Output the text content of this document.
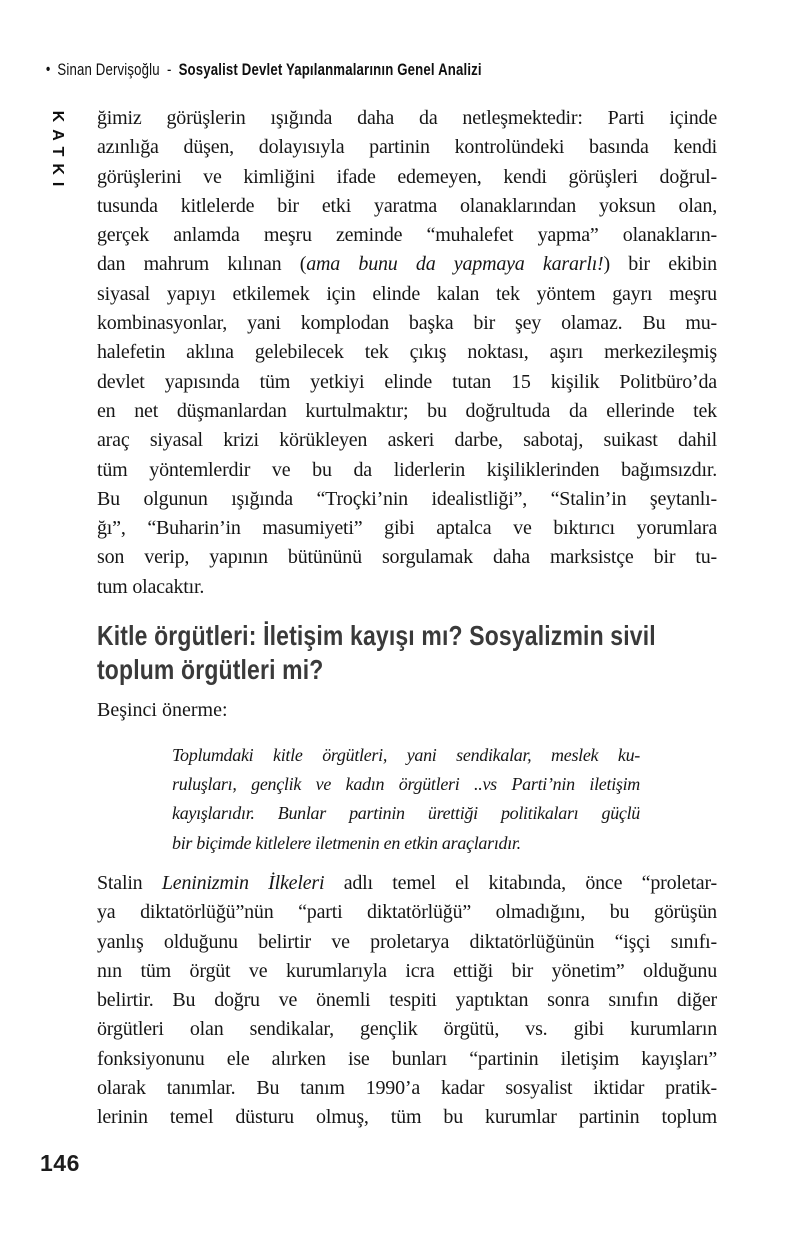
• Sinan Dervişoğlu - Sosyalist Devlet Yapılanmalarının Genel Analizi
KATKI ğimiz görüşlerin ışığında daha da netleşmektedir: Parti içinde
azınlığa düşen, dolayısıyla partinin kontrolündeki basında kendi
görüşlerini ve kimliğini ifade edemeyen, kendi görüşleri doğrul-
tusunda kitlelerde bir etki yaratma olanaklarından yoksun olan,
gerçek anlamda meşru zeminde “muhalefet yapma” olanakların-
dan mahrum kılınan (ama bunu da yapmaya kararlı!) bir ekibin
siyasal yapıyı etkilemek için elinde kalan tek yöntem gayrı meşru
kombinasyonlar, yani komplodan başka bir şey olamaz. Bu mu-
halefetin aklına gelebilecek tek çıkış noktası, aşırı merkezileşmiş
devlet yapısında tüm yetkiyi elinde tutan 15 kişilik Politbüro’da
en net düşmanlardan kurtulmaktır; bu doğrultuda da ellerinde tek
araç siyasal krizi körükleyen askeri darbe, sabotaj, suikast dahil
tüm yöntemlerdir ve bu da liderlerin kişiliklerinden bağımsızdır.
Bu olgunun ışığında “Troçki’nin idealistliği”, “Stalin’in şeytanlı-
ğı”, “Buharin’in masumiyeti” gibi aptalca ve bıktırıcı yorumlara
son verip, yapının bütününü sorgulamak daha marksistçe bir tu-
tum olacaktır.
Kitle örgütleri: İletişim kayışı mı? Sosyalizmin sivil
toplum örgütleri mi?
Beşinci önerme:
Toplumdaki kitle örgütleri, yani sendikalar, meslek ku-
ruluşları, gençlik ve kadın örgütleri ..vs Parti’nin iletişim
kayışlarıdır. Bunlar partinin ürettiği politikaları güçlü
bir biçimde kitlelere iletmenin en etkin araçlarıdır.
Stalin Leninizmin İlkeleri adlı temel el kitabında, önce “proletar-
ya diktatörlüğü”nün “parti diktatörlüğü” olmadığını, bu görüşün
yanlış olduğunu belirtir ve proletarya diktatörlüğünün “işçi sınıfı-
nın tüm örgüt ve kurumlarıyla icra ettiği bir yönetim” olduğunu
belirtir. Bu doğru ve önemli tespiti yaptıktan sonra sınıfın diğer
örgütleri olan sendikalar, gençlik örgütü, vs. gibi kurumların
fonksiyonunu ele alırken ise bunları “partinin iletişim kayışları”
olarak tanımlar. Bu tanım 1990’a kadar sosyalist iktidar pratik-
lerinin temel düsturu olmuş, tüm bu kurumlar partinin toplum
146
